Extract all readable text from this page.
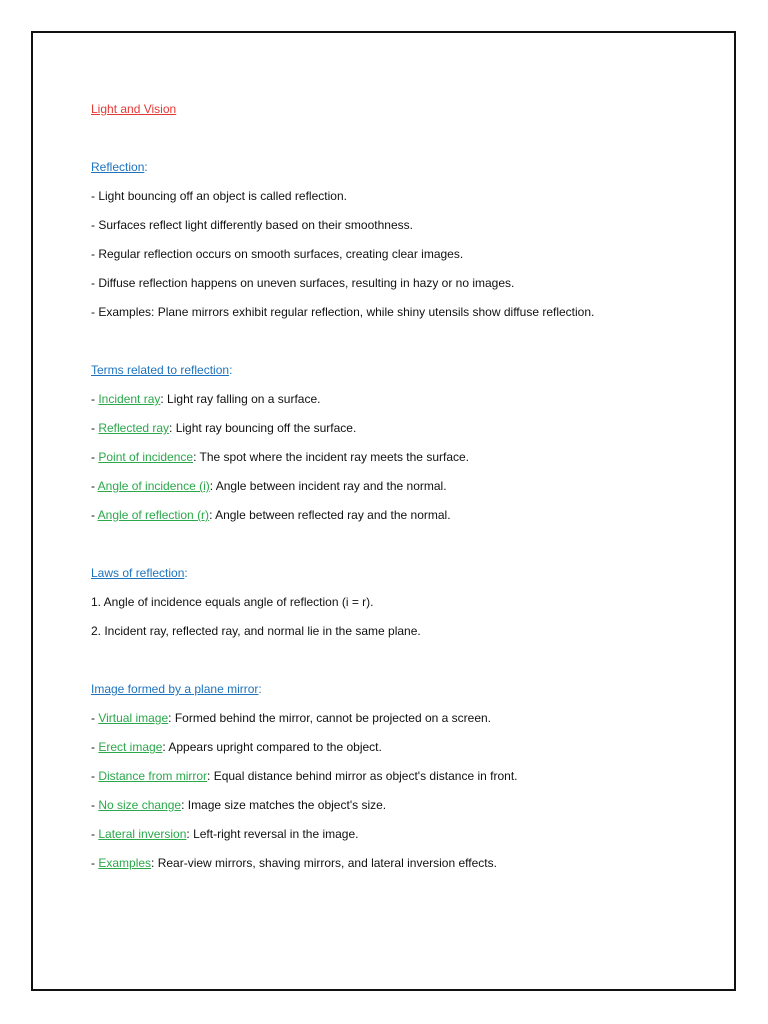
Light and Vision
Reflection:
- Light bouncing off an object is called reflection.
- Surfaces reflect light differently based on their smoothness.
- Regular reflection occurs on smooth surfaces, creating clear images.
- Diffuse reflection happens on uneven surfaces, resulting in hazy or no images.
- Examples: Plane mirrors exhibit regular reflection, while shiny utensils show diffuse reflection.
Terms related to reflection:
- Incident ray: Light ray falling on a surface.
- Reflected ray: Light ray bouncing off the surface.
- Point of incidence: The spot where the incident ray meets the surface.
- Angle of incidence (i): Angle between incident ray and the normal.
- Angle of reflection (r): Angle between reflected ray and the normal.
Laws of reflection:
1. Angle of incidence equals angle of reflection (i = r).
2. Incident ray, reflected ray, and normal lie in the same plane.
Image formed by a plane mirror:
- Virtual image: Formed behind the mirror, cannot be projected on a screen.
- Erect image: Appears upright compared to the object.
- Distance from mirror: Equal distance behind mirror as object's distance in front.
- No size change: Image size matches the object's size.
- Lateral inversion: Left-right reversal in the image.
- Examples: Rear-view mirrors, shaving mirrors, and lateral inversion effects.
